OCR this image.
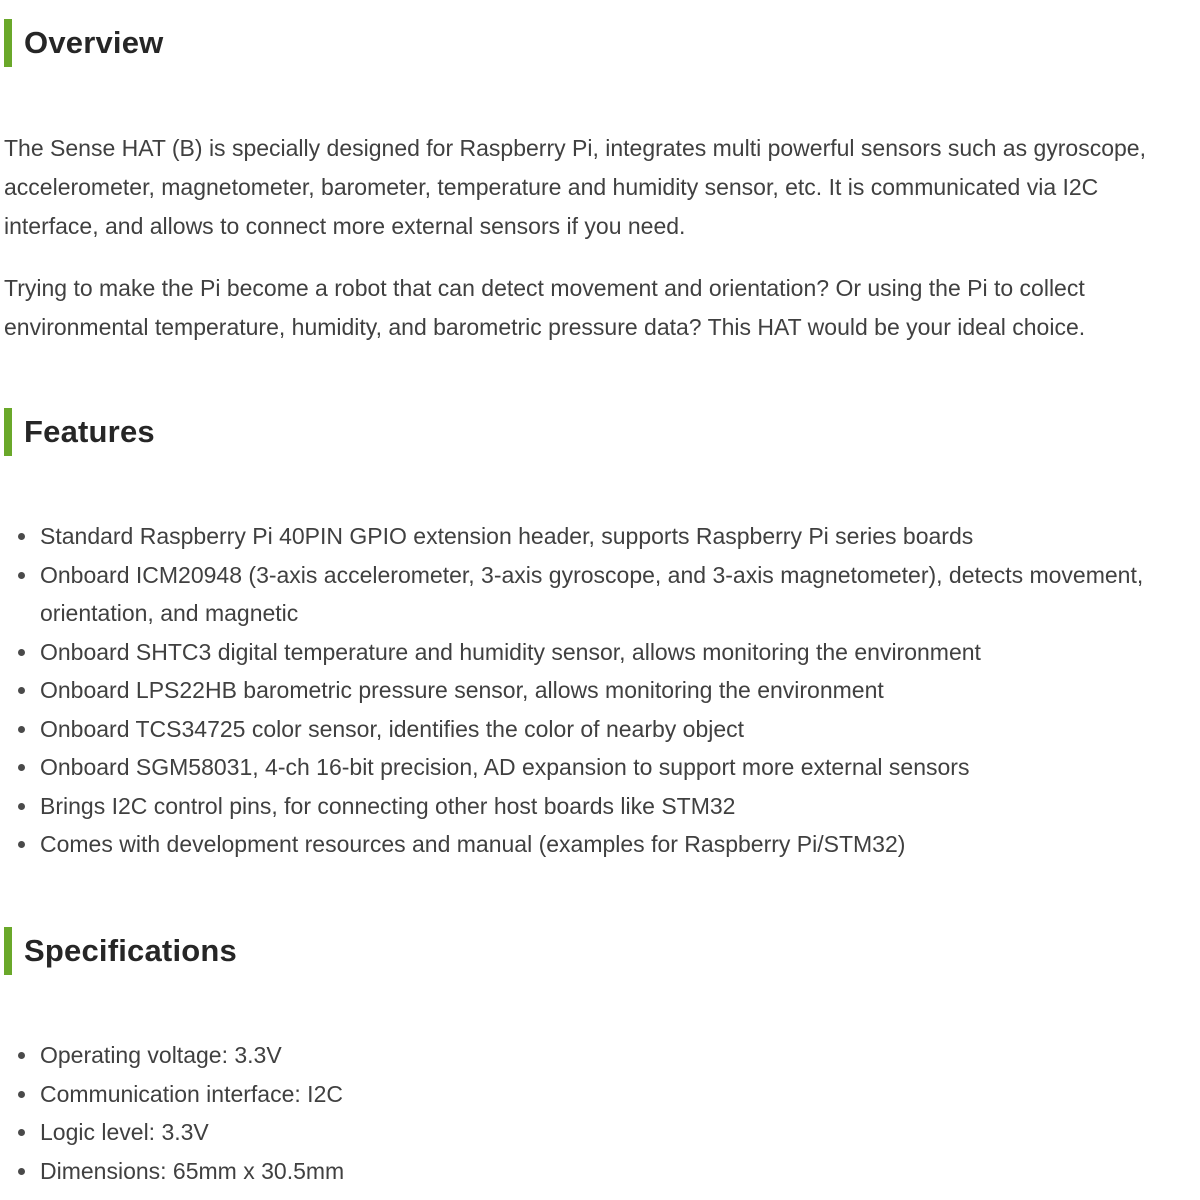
Overview

The Sense HAT (B) is specially designed for Raspberry Pi, integrates multi powerful sensors such as gyroscope, accelerometer, magnetometer, barometer, temperature and humidity sensor, etc. It is communicated via I2C interface, and allows to connect more external sensors if you need.

Trying to make the Pi become a robot that can detect movement and orientation? Or using the Pi to collect environmental temperature, humidity, and barometric pressure data? This HAT would be your ideal choice.

Features
Standard Raspberry Pi 40PIN GPIO extension header, supports Raspberry Pi series boards
Onboard ICM20948 (3-axis accelerometer, 3-axis gyroscope, and 3-axis magnetometer), detects movement, orientation, and magnetic
Onboard SHTC3 digital temperature and humidity sensor, allows monitoring the environment
Onboard LPS22HB barometric pressure sensor, allows monitoring the environment
Onboard TCS34725 color sensor, identifies the color of nearby object
Onboard SGM58031, 4-ch 16-bit precision, AD expansion to support more external sensors
Brings I2C control pins, for connecting other host boards like STM32
Comes with development resources and manual (examples for Raspberry Pi/STM32)
Specifications
Operating voltage: 3.3V
Communication interface: I2C
Logic level: 3.3V
Dimensions: 65mm x 30.5mm
